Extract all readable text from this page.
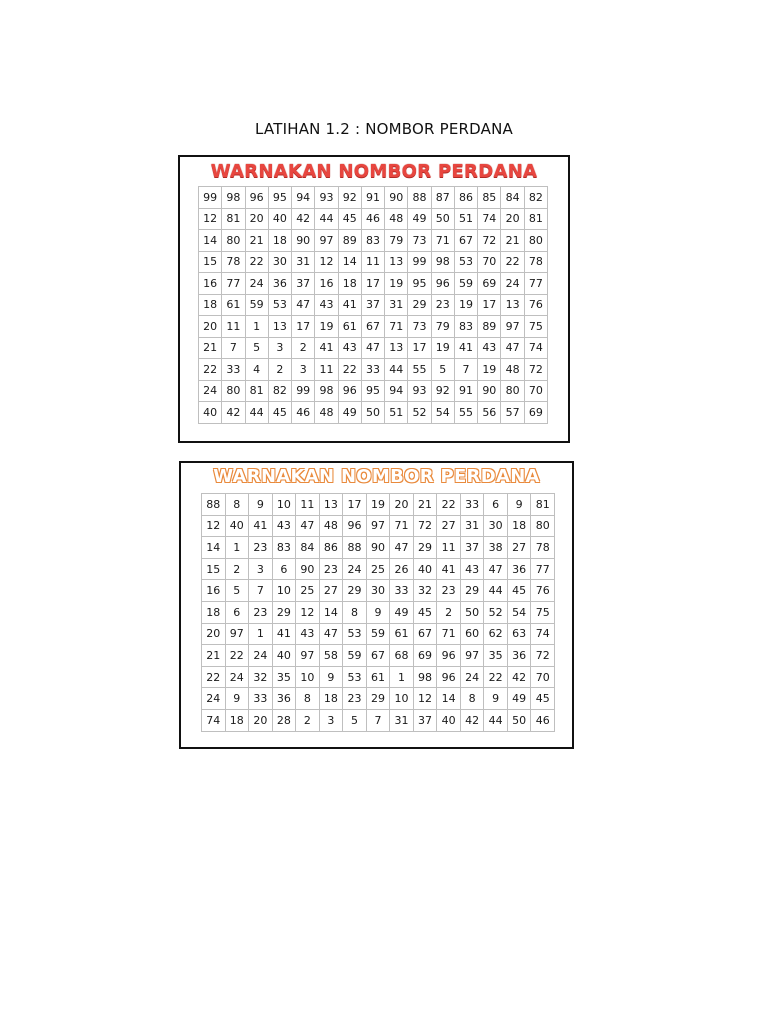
LATIHAN 1.2 : NOMBOR PERDANA
WARNAKAN NOMBOR PERDANA
99	98	96	95	94	93	92	91	90	88	87	86	85	84	82
12	81	20	40	42	44	45	46	48	49	50	51	74	20	81
14	80	21	18	90	97	89	83	79	73	71	67	72	21	80
15	78	22	30	31	12	14	11	13	99	98	53	70	22	78
16	77	24	36	37	16	18	17	19	95	96	59	69	24	77
18	61	59	53	47	43	41	37	31	29	23	19	17	13	76
20	11	1	13	17	19	61	67	71	73	79	83	89	97	75
21	7	5	3	2	41	43	47	13	17	19	41	43	47	74
22	33	4	2	3	11	22	33	44	55	5	7	19	48	72
24	80	81	82	99	98	96	95	94	93	92	91	90	80	70
40	42	44	45	46	48	49	50	51	52	54	55	56	57	69
WARNAKAN NOMBOR PERDANA
88	8	9	10	11	13	17	19	20	21	22	33	6	9	81
12	40	41	43	47	48	96	97	71	72	27	31	30	18	80
14	1	23	83	84	86	88	90	47	29	11	37	38	27	78
15	2	3	6	90	23	24	25	26	40	41	43	47	36	77
16	5	7	10	25	27	29	30	33	32	23	29	44	45	76
18	6	23	29	12	14	8	9	49	45	2	50	52	54	75
20	97	1	41	43	47	53	59	61	67	71	60	62	63	74
21	22	24	40	97	58	59	67	68	69	96	97	35	36	72
22	24	32	35	10	9	53	61	1	98	96	24	22	42	70
24	9	33	36	8	18	23	29	10	12	14	8	9	49	45
74	18	20	28	2	3	5	7	31	37	40	42	44	50	46
